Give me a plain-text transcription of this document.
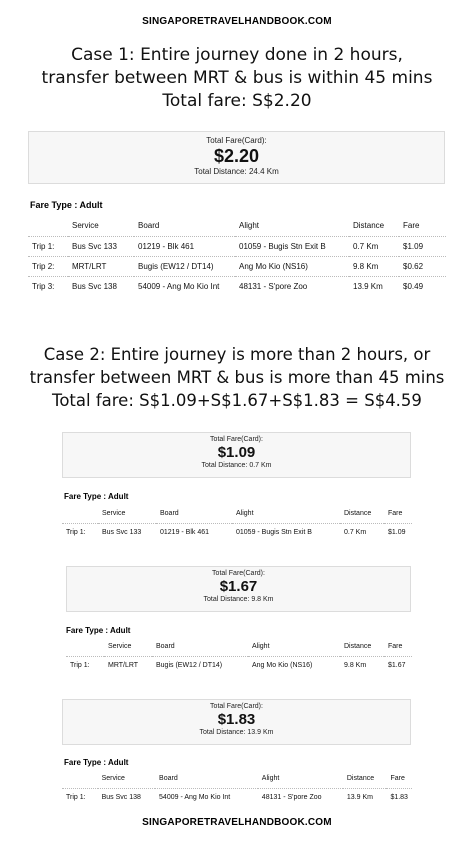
SINGAPORETRAVELHANDBOOK.COM
Case 1: Entire journey done in 2 hours,
transfer between MRT & bus is within 45 mins
Total fare: S$2.20
Total Fare(Card):
$2.20
Total Distance: 24.4 Km
Fare Type : Adult
	Service	Board	Alight	Distance	Fare
Trip 1:	Bus Svc 133	01219 - Blk 461	01059 - Bugis Stn Exit B	0.7 Km	$1.09
Trip 2:	MRT/LRT	Bugis (EW12 / DT14)	Ang Mo Kio (NS16)	9.8 Km	$0.62
Trip 3:	Bus Svc 138	54009 - Ang Mo Kio Int	48131 - S'pore Zoo	13.9 Km	$0.49
Case 2: Entire journey is more than 2 hours, or
transfer between MRT & bus is more than 45 mins
Total fare: S$1.09+S$1.67+S$1.83 = S$4.59
Total Fare(Card):
$1.09
Total Distance: 0.7 Km
Fare Type : Adult
	Service	Board	Alight	Distance	Fare
Trip 1:	Bus Svc 133	01219 - Blk 461	01059 - Bugis Stn Exit B	0.7 Km	$1.09
Total Fare(Card):
$1.67
Total Distance: 9.8 Km
Fare Type : Adult
	Service	Board	Alight	Distance	Fare
Trip 1:	MRT/LRT	Bugis (EW12 / DT14)	Ang Mo Kio (NS16)	9.8 Km	$1.67
Total Fare(Card):
$1.83
Total Distance: 13.9 Km
Fare Type : Adult
	Service	Board	Alight	Distance	Fare
Trip 1:	Bus Svc 138	54009 - Ang Mo Kio Int	48131 - S'pore Zoo	13.9 Km	$1.83
SINGAPORETRAVELHANDBOOK.COM
